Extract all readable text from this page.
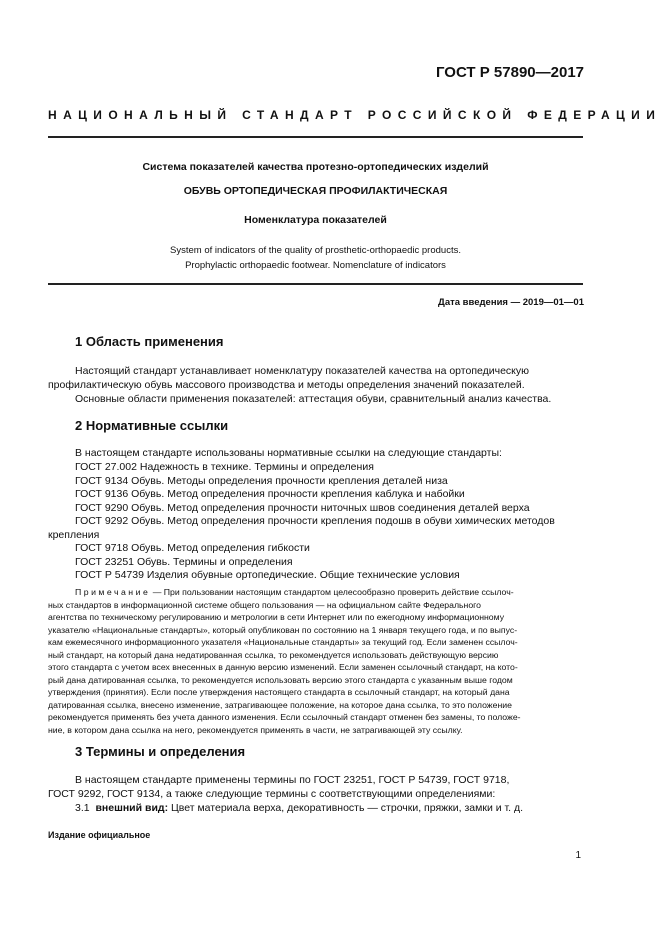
ГОСТ Р 57890—2017
НАЦИОНАЛЬНЫЙ СТАНДАРТ РОССИЙСКОЙ ФЕДЕРАЦИИ
Система показателей качества протезно-ортопедических изделий
ОБУВЬ ОРТОПЕДИЧЕСКАЯ ПРОФИЛАКТИЧЕСКАЯ
Номенклатура показателей
System of indicators of the quality of prosthetic-orthopaedic products.
Prophylactic orthopaedic footwear. Nomenclature of indicators
Дата введения — 2019—01—01
1 Область применения
Настоящий стандарт устанавливает номенклатуру показателей качества на ортопедическую
профилактическую обувь массового производства и методы определения значений показателей.
Основные области применения показателей: аттестация обуви, сравнительный анализ качества.
2 Нормативные ссылки
В настоящем стандарте использованы нормативные ссылки на следующие стандарты:
ГОСТ 27.002 Надежность в технике. Термины и определения
ГОСТ 9134 Обувь. Методы определения прочности крепления деталей низа
ГОСТ 9136 Обувь. Метод определения прочности крепления каблука и набойки
ГОСТ 9290 Обувь. Метод определения прочности ниточных швов соединения деталей верха
ГОСТ 9292 Обувь. Метод определения прочности крепления подошв в обуви химических методов
крепления
ГОСТ 9718 Обувь. Метод определения гибкости
ГОСТ 23251 Обувь. Термины и определения
ГОСТ Р 54739 Изделия обувные ортопедические. Общие технические условия
Примечание — При пользовании настоящим стандартом целесообразно проверить действие ссылоч-
ных стандартов в информационной системе общего пользования — на официальном сайте Федерального
агентства по техническому регулированию и метрологии в сети Интернет или по ежегодному информационному
указателю «Национальные стандарты», который опубликован по состоянию на 1 января текущего года, и по выпус-
кам ежемесячного информационного указателя «Национальные стандарты» за текущий год. Если заменен ссылоч-
ный стандарт, на который дана недатированная ссылка, то рекомендуется использовать действующую версию
этого стандарта с учетом всех внесенных в данную версию изменений. Если заменен ссылочный стандарт, на кото-
рый дана датированная ссылка, то рекомендуется использовать версию этого стандарта с указанным выше годом
утверждения (принятия). Если после утверждения настоящего стандарта в ссылочный стандарт, на который дана
датированная ссылка, внесено изменение, затрагивающее положение, на которое дана ссылка, то это положение
рекомендуется применять без учета данного изменения. Если ссылочный стандарт отменен без замены, то положе-
ние, в котором дана ссылка на него, рекомендуется применять в части, не затрагивающей эту ссылку.
3 Термины и определения
В настоящем стандарте применены термины по ГОСТ 23251, ГОСТ Р 54739, ГОСТ 9718,
ГОСТ 9292, ГОСТ 9134, а также следующие термины с соответствующими определениями:
3.1 внешний вид: Цвет материала верха, декоративность — строчки, пряжки, замки и т. д.
Издание официальное
1
